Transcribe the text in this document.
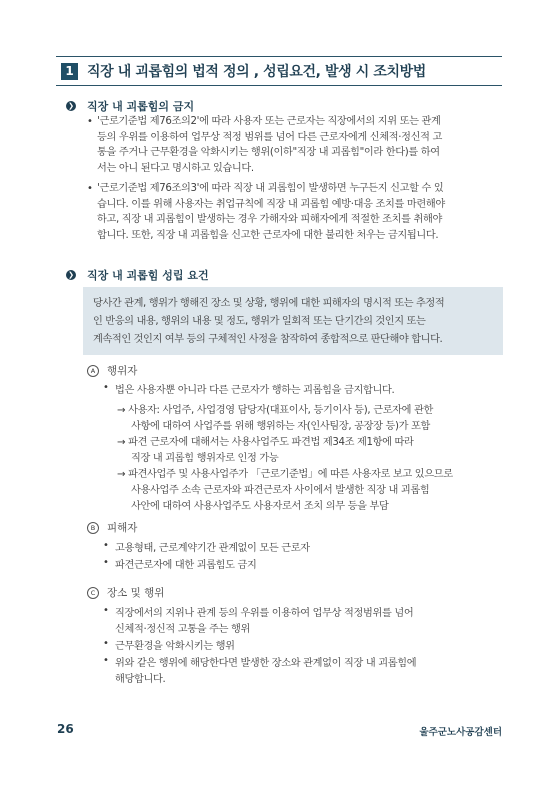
1 직장 내 괴롭힘의 법적 정의 , 성립요건, 발생 시 조치방법
❯ 직장 내 괴롭힘의 금지
• '근로기준법 제76조의2'에 따라 사용자 또는 근로자는 직장에서의 지위 또는 관계
등의 우위를 이용하여 업무상 적정 범위를 넘어 다른 근로자에게 신체적·정신적 고
통을 주거나 근무환경을 악화시키는 행위(이하"직장 내 괴롭힘"이라 한다)를 하여
서는 아니 된다고 명시하고 있습니다.
• '근로기준법 제76조의3'에 따라 직장 내 괴롭힘이 발생하면 누구든지 신고할 수 있
습니다. 이를 위해 사용자는 취업규칙에 직장 내 괴롭힘 예방·대응 조치를 마련해야
하고, 직장 내 괴롭힘이 발생하는 경우 가해자와 피해자에게 적절한 조치를 취해야
합니다. 또한, 직장 내 괴롭힘을 신고한 근로자에 대한 불리한 처우는 금지됩니다.
❯ 직장 내 괴롭힘 성립 요건
당사간 관계, 행위가 행해진 장소 및 상황, 행위에 대한 피해자의 명시적 또는 추정적
인 반응의 내용, 행위의 내용 및 정도, 행위가 일회적 또는 단기간의 것인지 또는
계속적인 것인지 여부 등의 구체적인 사정을 참작하여 종합적으로 판단해야 합니다.
A	행위자
• 법은 사용자뿐 아니라 다른 근로자가 행하는 괴롭힘을 금지합니다.
→ 사용자: 사업주, 사업경영 담당자(대표이사, 등기이사 등), 근로자에 관한
사항에 대하여 사업주를 위해 행위하는 자(인사팀장, 공장장 등)가 포함
→ 파견 근로자에 대해서는 사용사업주도 파견법 제34조 제1항에 따라
직장 내 괴롭힘 행위자로 인정 가능
→ 파견사업주 및 사용사업주가 「근로기준법」에 따른 사용자로 보고 있으므로
사용사업주 소속 근로자와 파견근로자 사이에서 발생한 직장 내 괴롭힘
사안에 대하여 사용사업주도 사용자로서 조치 의무 등을 부담
B	피해자
• 고용형태, 근로계약기간 관계없이 모든 근로자
• 파견근로자에 대한 괴롭힘도 금지
C	장소 및 행위
• 직장에서의 지위나 관계 등의 우위를 이용하여 업무상 적정범위를 넘어
신체적·정신적 고통을 주는 행위
• 근무환경을 악화시키는 행위
• 위와 같은 행위에 해당한다면 발생한 장소와 관계없이 직장 내 괴롭힘에
해당합니다.
26	울주군노사공감센터
